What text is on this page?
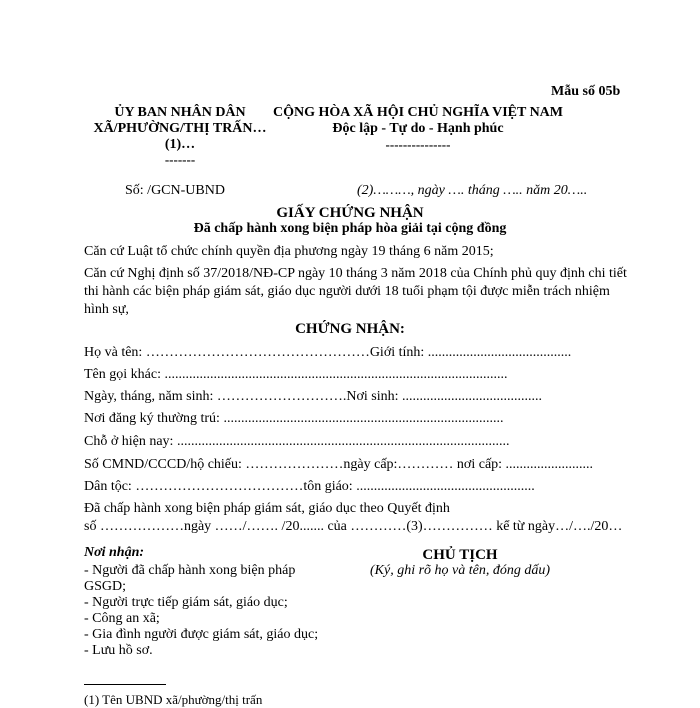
Mẫu số 05b
ỦY BAN NHÂN DÂN
XÃ/PHƯỜNG/THỊ TRẤN…
(1)…
-------
CỘNG HÒA XÃ HỘI CHỦ NGHĨA VIỆT NAM
Độc lập - Tự do - Hạnh phúc
---------------
Số: /GCN-UBND	(2)………, ngày …. tháng ….. năm 20…..
GIẤY CHỨNG NHẬN
Đã chấp hành xong biện pháp hòa giải tại cộng đồng
Căn cứ Luật tổ chức chính quyền địa phương ngày 19 tháng 6 năm 2015;
Căn cứ Nghị định số 37/2018/NĐ-CP ngày 10 tháng 3 năm 2018 của Chính phủ quy định chi tiết
thi hành các biện pháp giám sát, giáo dục người dưới 18 tuổi phạm tội được miễn trách nhiệm
hình sự,
CHỨNG NHẬN:
Họ và tên: …………………………………………Giới tính: .........................................
Tên gọi khác: ..................................................................................................
Ngày, tháng, năm sinh: ……………………….Nơi sinh: ........................................
Nơi đăng ký thường trú: ................................................................................
Chỗ ở hiện nay: ...............................................................................................
Số CMND/CCCD/hộ chiếu: …………………ngày cấp:………… nơi cấp: .........................
Dân tộc: ………………………………tôn giáo: ...................................................
Đã chấp hành xong biện pháp giám sát, giáo dục theo Quyết định
số ………………ngày ……/……. /20....... của …………(3)…………… kể từ ngày…/…./20…
Nơi nhận:
- Người đã chấp hành xong biện pháp
GSGD;
- Người trực tiếp giám sát, giáo dục;
- Công an xã;
- Gia đình người được giám sát, giáo dục;
- Lưu hồ sơ.
CHỦ TỊCH
(Ký, ghi rõ họ và tên, đóng dấu)
(1) Tên UBND xã/phường/thị trấn
